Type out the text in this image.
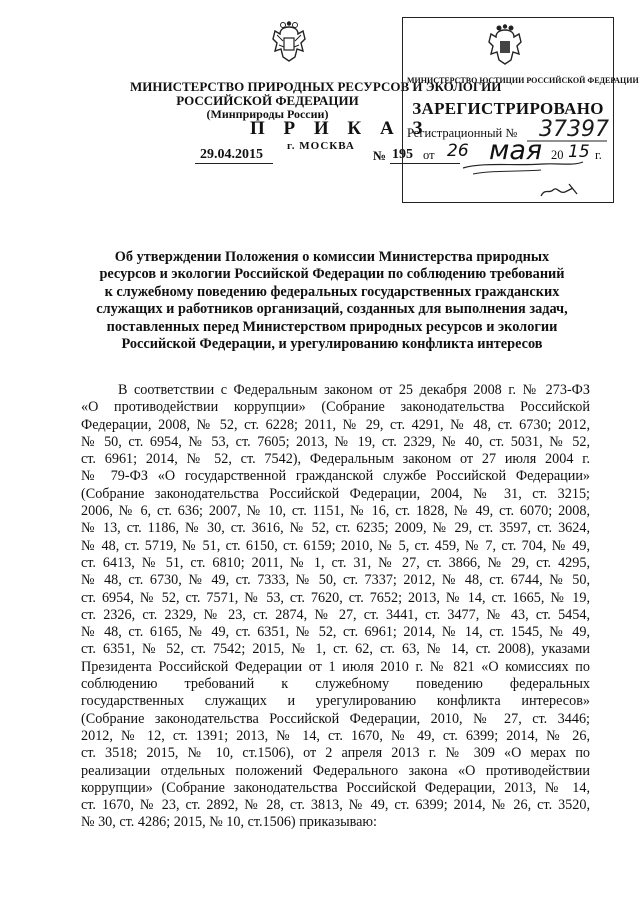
МИНИСТЕРСТВО ПРИРОДНЫХ РЕСУРСОВ И ЭКОЛОГИИ
РОССИЙСКОЙ ФЕДЕРАЦИИ
(Минприроды России)
П Р И К А З
29.04.2015
г. МОСКВА
№ 195
МИНИСТЕРСТВО ЮСТИЦИИ РОССИЙСКОЙ ФЕДЕРАЦИИ
ЗАРЕГИСТРИРОВАНО
Регистрационный № 37397
от 26 мая 20 15 г.
Об утверждении Положения о комиссии Министерства природных
ресурсов и экологии Российской Федерации по соблюдению требований
к служебному поведению федеральных государственных гражданских
служащих и работников организаций, созданных для выполнения задач,
поставленных перед Министерством природных ресурсов и экологии
Российской Федерации, и урегулированию конфликта интересов
В соответствии с Федеральным законом от 25 декабря 2008 г. № 273-ФЗ
«О противодействии коррупции» (Собрание законодательства Российской
Федерации, 2008, № 52, ст. 6228; 2011, № 29, ст. 4291, № 48, ст. 6730; 2012,
№ 50, ст. 6954, № 53, ст. 7605; 2013, № 19, ст. 2329, № 40, ст. 5031, № 52,
ст. 6961; 2014, № 52, ст. 7542), Федеральным законом от 27 июля 2004 г.
№ 79-ФЗ «О государственной гражданской службе Российской Федерации»
(Собрание законодательства Российской Федерации, 2004, № 31, ст. 3215;
2006, № 6, ст. 636; 2007, № 10, ст. 1151, № 16, ст. 1828, № 49, ст. 6070; 2008,
№ 13, ст. 1186, № 30, ст. 3616, № 52, ст. 6235; 2009, № 29, ст. 3597, ст. 3624,
№ 48, ст. 5719, № 51, ст. 6150, ст. 6159; 2010, № 5, ст. 459, № 7, ст. 704, № 49,
ст. 6413, № 51, ст. 6810; 2011, № 1, ст. 31, № 27, ст. 3866, № 29, ст. 4295,
№ 48, ст. 6730, № 49, ст. 7333, № 50, ст. 7337; 2012, № 48, ст. 6744, № 50,
ст. 6954, № 52, ст. 7571, № 53, ст. 7620, ст. 7652; 2013, № 14, ст. 1665, № 19,
ст. 2326, ст. 2329, № 23, ст. 2874, № 27, ст. 3441, ст. 3477, № 43, ст. 5454,
№ 48, ст. 6165, № 49, ст. 6351, № 52, ст. 6961; 2014, № 14, ст. 1545, № 49,
ст. 6351, № 52, ст. 7542; 2015, № 1, ст. 62, ст. 63, № 14, ст. 2008), указами
Президента Российской Федерации от 1 июля 2010 г. № 821 «О комиссиях по
соблюдению требований к служебному поведению федеральных
государственных служащих и урегулированию конфликта интересов»
(Собрание законодательства Российской Федерации, 2010, № 27, ст. 3446;
2012, № 12, ст. 1391; 2013, № 14, ст. 1670, № 49, ст. 6399; 2014, № 26,
ст. 3518; 2015, № 10, ст.1506), от 2 апреля 2013 г. № 309 «О мерах по
реализации отдельных положений Федерального закона «О противодействии
коррупции» (Собрание законодательства Российской Федерации, 2013, № 14,
ст. 1670, № 23, ст. 2892, № 28, ст. 3813, № 49, ст. 6399; 2014, № 26, ст. 3520,
№ 30, ст. 4286; 2015, № 10, ст.1506) приказываю:
